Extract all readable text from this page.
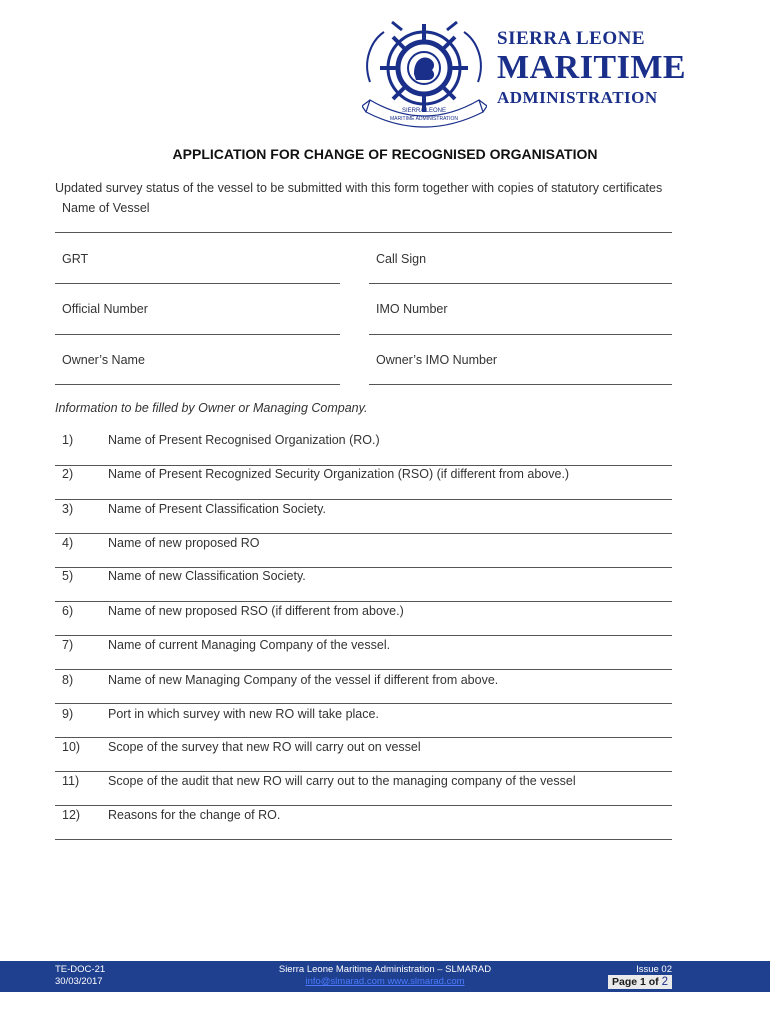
SIERRA LEONE
MARITIME ADMINISTRATION
SIERRA LEONE
MARITIME
ADMINISTRATION
APPLICATION FOR CHANGE OF RECOGNISED ORGANISATION
Updated survey status of the vessel to be submitted with this form together with copies of statutory certificates
Name of Vessel
GRT	Call Sign
Official Number	IMO Number
Owner’s Name	Owner’s IMO Number
Information to be filled by Owner or Managing Company.
1)	Name of Present Recognised Organization (RO.)
2)	Name of Present Recognized Security Organization (RSO) (if different from above.)
3)	Name of Present Classification Society.
4)	Name of new proposed RO
5)	Name of new Classification Society.
6)	Name of new proposed RSO (if different from above.)
7)	Name of current Managing Company of the vessel.
8)	Name of new Managing Company of the vessel if different from above.
9)	Port in which survey with new RO will take place.
10) Scope of the survey that new RO will carry out on vessel
11) Scope of the audit that new RO will carry out to the managing company of the vessel
12) Reasons for the change of RO.
TE-DOC-21
30/03/2017
Sierra Leone Maritime Administration – SLMARAD
info@slmarad.com www.slmarad.com
Issue 02
Page 1 of 2
